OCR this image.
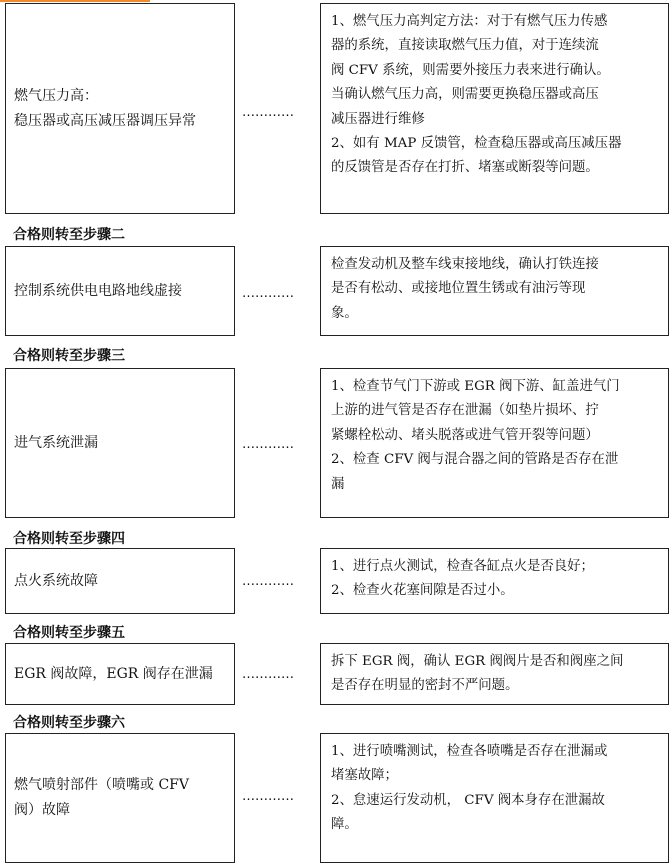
燃气压力高：
稳压器或高压减压器调压异常	…………
1、燃气压力高判定方法：对于有燃气压力传感
器的系统，直接读取燃气压力值，对于连续流
阀 CFV 系统，则需要外接压力表来进行确认。
当确认燃气压力高，则需要更换稳压器或高压
减压器进行维修
2、如有 MAP 反馈管，检查稳压器或高压减压器
的反馈管是否存在打折、堵塞或断裂等问题。
合格则转至步骤二
控制系统供电电路地线虚接	…………
检查发动机及整车线束接地线，确认打铁连接
是否有松动、或接地位置生锈或有油污等现
象。
合格则转至步骤三
进气系统泄漏	…………
1、检查节气门下游或 EGR 阀下游、缸盖进气门
上游的进气管是否存在泄漏（如垫片损坏、拧
紧螺栓松动、堵头脱落或进气管开裂等问题）
2、检查 CFV 阀与混合器之间的管路是否存在泄
漏
合格则转至步骤四
点火系统故障	…………
1、进行点火测试，检查各缸点火是否良好；
2、检查火花塞间隙是否过小。
合格则转至步骤五
EGR 阀故障，EGR 阀存在泄漏	…………
拆下 EGR 阀，确认 EGR 阀阀片是否和阀座之间
是否存在明显的密封不严问题。
合格则转至步骤六
燃气喷射部件（喷嘴或 CFV
阀）故障
…………
1、进行喷嘴测试，检查各喷嘴是否存在泄漏或
堵塞故障；
2、怠速运行发动机， CFV 阀本身存在泄漏故
障。
